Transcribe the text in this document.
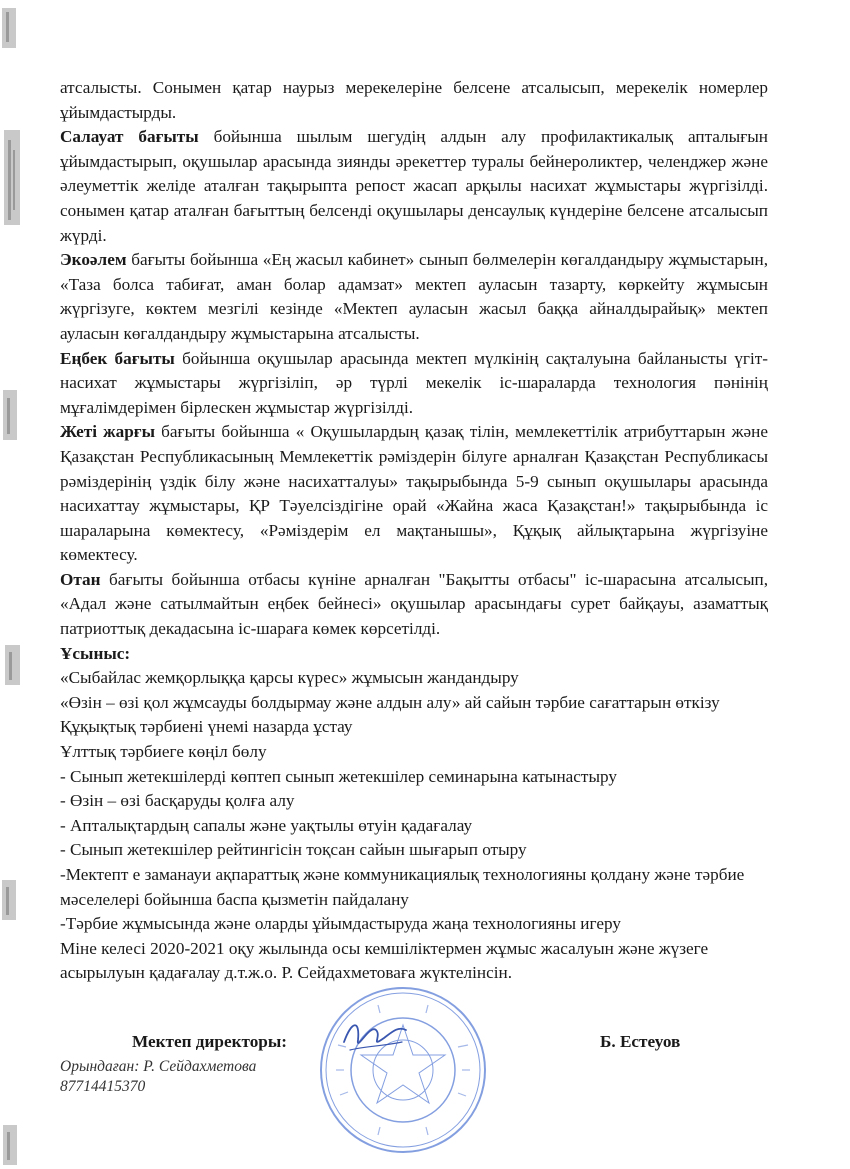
атсалысты. Сонымен қатар наурыз мерекелеріне белсене атсалысып, мерекелік номерлер ұйымдастырды.

Салауат бағыты бойынша шылым шегудің алдын алу профилактикалық апталығын ұйымдастырып, оқушылар арасында зиянды әрекеттер туралы бейнероликтер, челенджер және әлеуметтік желіде аталған тақырыпта репост жасап арқылы насихат жұмыстары жүргізілді. сонымен қатар аталған бағыттың белсенді оқушылары денсаулық күндеріне белсене атсалысып жүрді.

Экоәлем бағыты бойынша «Ең жасыл кабинет» сынып бөлмелерін көгалдандыру жұмыстарын, «Таза болса табиғат, аман болар адамзат» мектеп ауласын тазарту, көркейту жұмысын жүргізуге, көктем мезгілі кезінде «Мектеп ауласын жасыл баққа айналдырайық» мектеп ауласын көгалдандыру жұмыстарына атсалысты.

Еңбек бағыты бойынша оқушылар арасында мектеп мүлкінің сақталуына байланысты үгіт-насихат жұмыстары жүргізіліп, әр түрлі мекелік іс-шараларда технология пәнінің мұғалімдерімен бірлескен жұмыстар жүргізілді.

Жеті жарғы бағыты бойынша « Оқушылардың қазақ тілін, мемлекеттілік атрибуттарын және Қазақстан Республикасының Мемлекеттік рәміздерін білуге арналған Қазақстан Республикасы рәміздерінің үздік білу және насихатталуы» тақырыбында 5-9 сынып оқушылары арасында насихаттау жұмыстары, ҚР Тәуелсіздігіне орай «Жайна жаса Қазақстан!» тақырыбында іс шараларына көмектесу, «Рәміздерім ел мақтанышы», Құқық айлықтарына жүргізуіне көмектесу.

Отан бағыты бойынша отбасы күніне арналған "Бақытты отбасы" іс-шарасына атсалысып, «Адал және сатылмайтын еңбек бейнесі» оқушылар арасындағы сурет байқауы, азаматтық патриоттық декадасына іс-шараға көмек көрсетілді.

Ұсыныс:

«Сыбайлас жемқорлыққа қарсы күрес» жұмысын жандандыру

«Өзін – өзі қол жұмсауды болдырмау және алдын алу» ай сайын тәрбие сағаттарын өткізу

Құқықтық тәрбиені үнемі назарда ұстау

Ұлттық тәрбиеге көңіл бөлу

- Сынып жетекшілерді көптеп сынып жетекшілер семинарына катынастыру

- Өзін – өзі басқаруды қолға алу

- Апталықтардың сапалы және уақтылы өтуін қадағалау

- Сынып жетекшілер рейтингісін тоқсан сайын шығарып отыру

-Мектепт е заманауи ақпараттық және коммуникациялық технологияны қолдану және тәрбие мәселелері бойынша баспа қызметін пайдалану

-Тәрбие жұмысында және оларды ұйымдастыруда жаңа технологияны игеру

Міне келесі 2020-2021 оқу жылында осы кемшіліктермен жұмыс жасалуын және жүзеге асырылуын қадағалау д.т.ж.о. Р. Сейдахметоваға жүктелінсін.

Мектеп директоры:	Б. Естеуов
Орындаған: Р. Сейдахметова
87714415370
